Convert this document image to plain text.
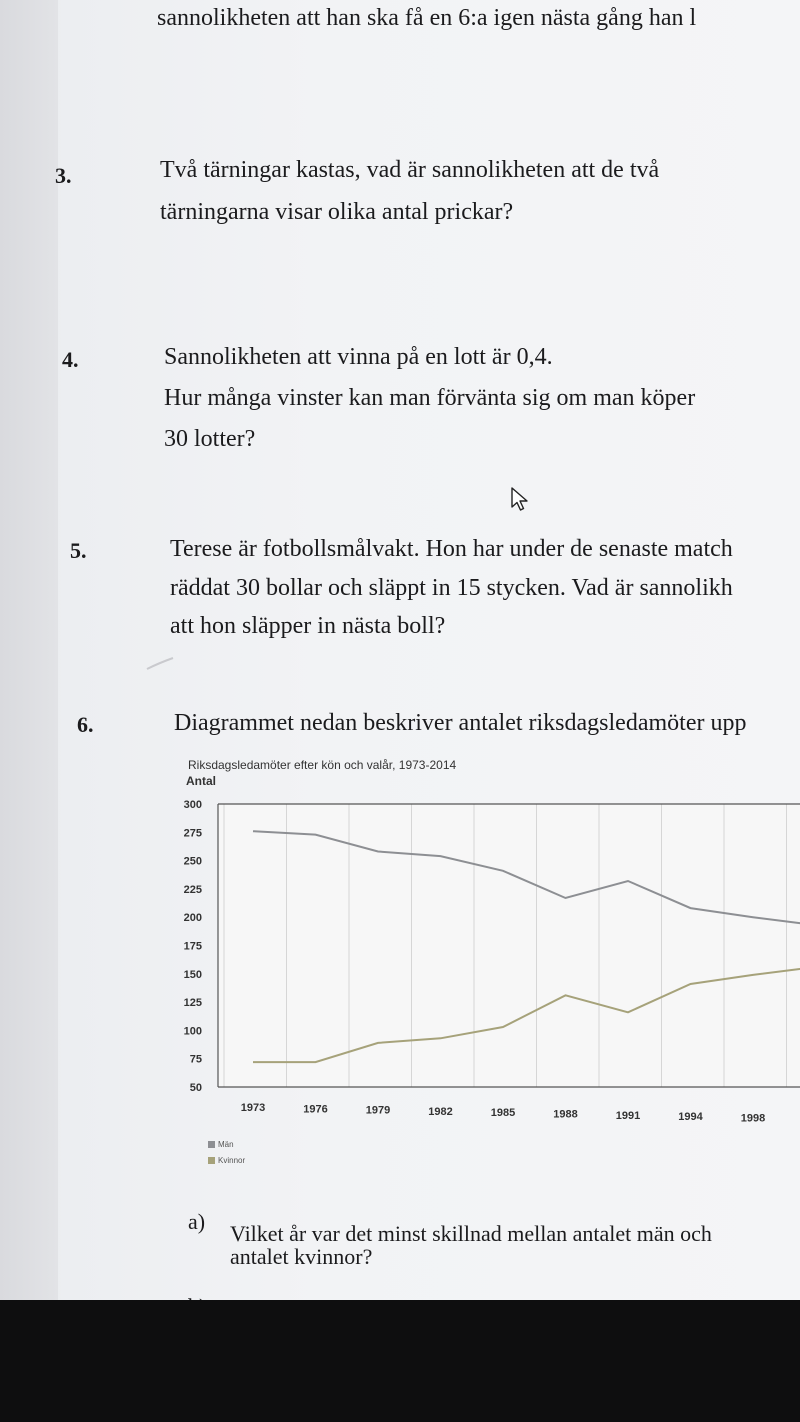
sannolikheten att han ska få en 6:a igen nästa gång han l
3.	Två tärningar kastas, vad är sannolikheten att de två
tärningarna visar olika antal prickar?
4.	Sannolikheten att vinna på en lott är 0,4.
Hur många vinster kan man förvänta sig om man köper
30 lotter?
5.	Terese är fotbollsmålvakt. Hon har under de senaste match
räddat 30 bollar och släppt in 15 stycken. Vad är sannolikh
att hon släpper in nästa boll?
6.	Diagrammet nedan beskriver antalet riksdagsledamöter upp
Riksdagsledamöter efter kön och valår, 1973-2014
Antal
300
275
250
225
200
175
150
125
100
75
50
1973	1976	1979	1982	1985	1988	1991	1994	1998
Män
Kvinnor
a) Vilket år var det minst skillnad mellan antalet män och
antalet kvinnor?
